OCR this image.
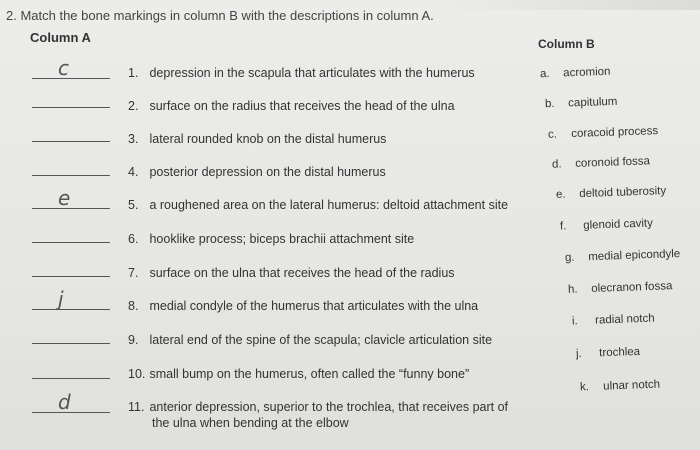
2. Match the bone markings in column B with the descriptions in column A.
Column A	Column B
c	1. depression in the scapula that articulates with the humerus
2. surface on the radius that receives the head of the ulna
3. lateral rounded knob on the distal humerus
4. posterior depression on the distal humerus
e	5. a roughened area on the lateral humerus: deltoid attachment site
6. hooklike process; biceps brachii attachment site
7. surface on the ulna that receives the head of the radius
j	8. medial condyle of the humerus that articulates with the ulna
9. lateral end of the spine of the scapula; clavicle articulation site
10. small bump on the humerus, often called the “funny bone”
d	11. anterior depression, superior to the trochlea, that receives part of
the ulna when bending at the elbow
a. acromion
b. capitulum
c. coracoid process
d. coronoid fossa
e. deltoid tuberosity
f. glenoid cavity
g. medial epicondyle
h. olecranon fossa
i. radial notch
j. trochlea
k. ulnar notch
